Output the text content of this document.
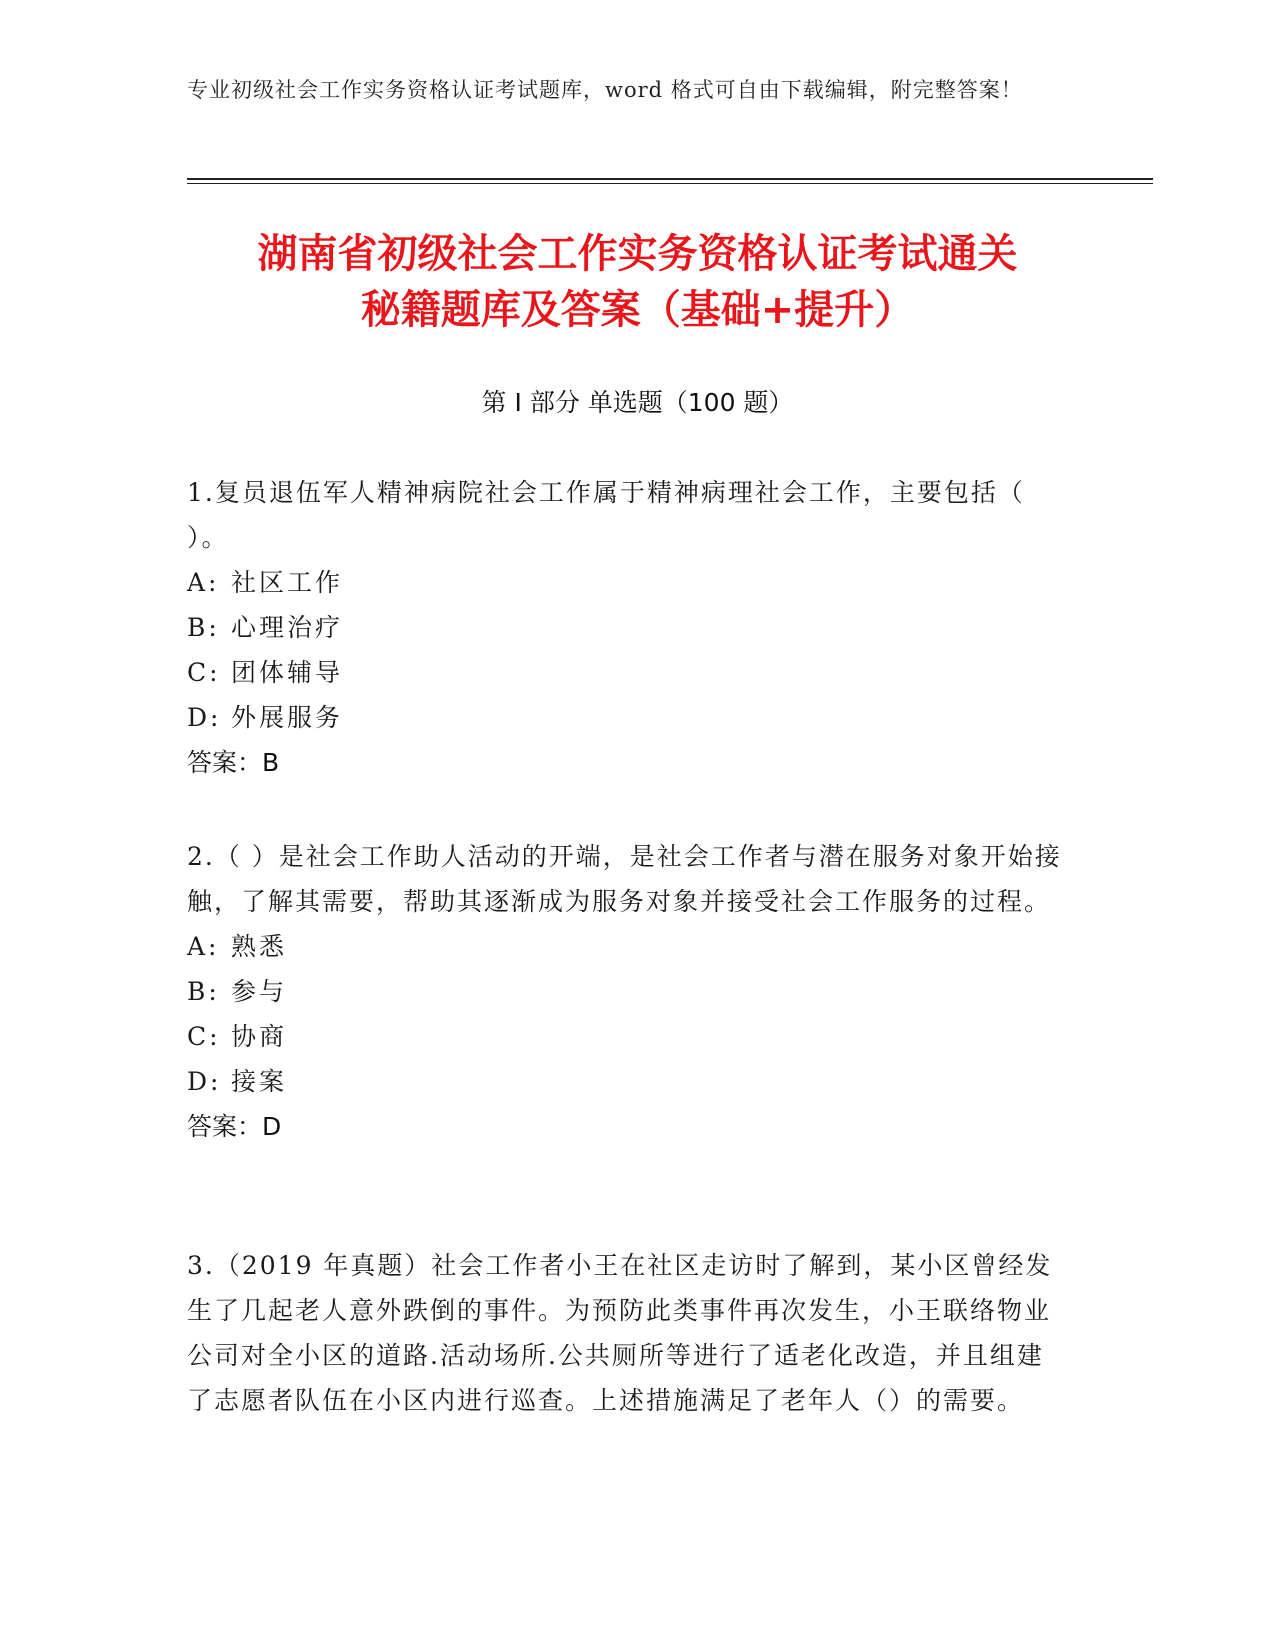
专业初级社会工作实务资格认证考试题库，word 格式可自由下载编辑，附完整答案！
湖南省初级社会工作实务资格认证考试通关
秘籍题库及答案（基础+提升）
第 I 部分 单选题（100 题）
1.复员退伍军人精神病院社会工作属于精神病理社会工作，主要包括（ ）。
A: 社区工作
B: 心理治疗
C: 团体辅导
D: 外展服务
答案：B
2.（ ）是社会工作助人活动的开端，是社会工作者与潜在服务对象开始接触，了解其需要，帮助其逐渐成为服务对象并接受社会工作服务的过程。
A: 熟悉
B: 参与
C: 协商
D: 接案
答案：D
3.（2019 年真题）社会工作者小王在社区走访时了解到，某小区曾经发生了几起老人意外跌倒的事件。为预防此类事件再次发生，小王联络物业公司对全小区的道路.活动场所.公共厕所等进行了适老化改造，并且组建了志愿者队伍在小区内进行巡查。上述措施满足了老年人（）的需要。
